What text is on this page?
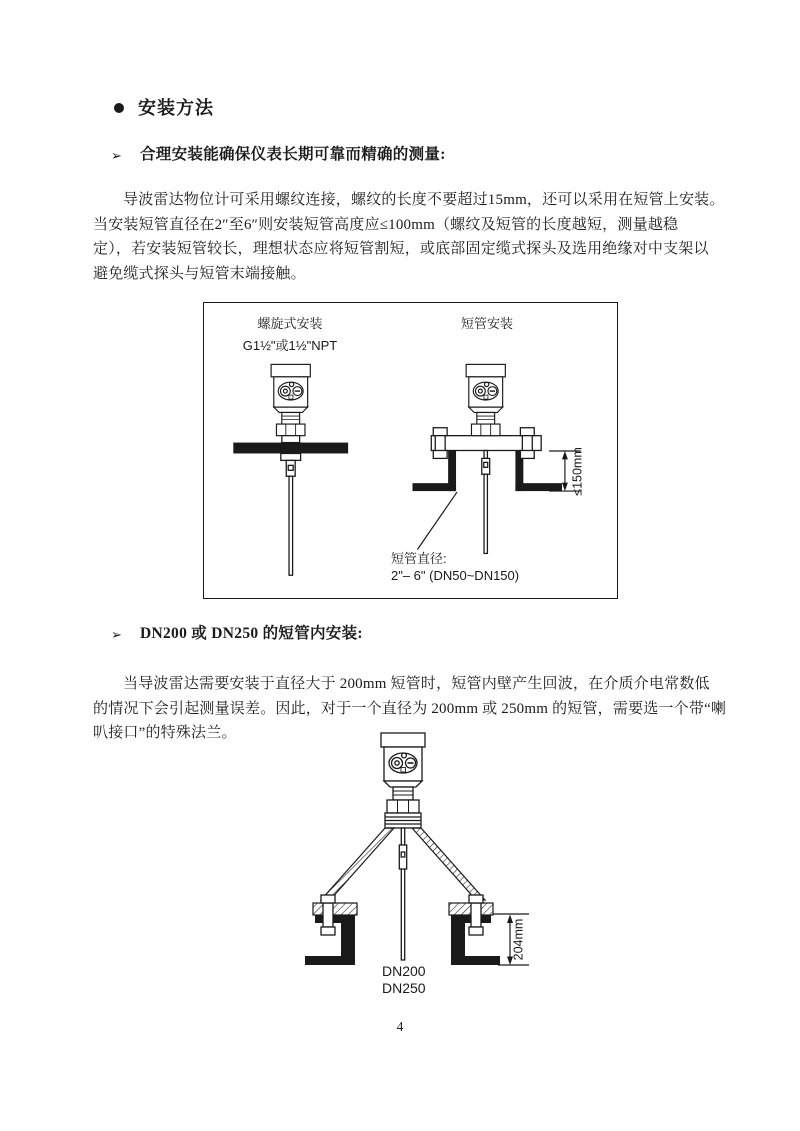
安装方法
➢	合理安装能确保仪表长期可靠而精确的测量:
导波雷达物位计可采用螺纹连接，螺纹的长度不要超过15mm，还可以采用在短管上安装。
当安装短管直径在2″至6″则安装短管高度应≤100mm（螺纹及短管的长度越短，测量越稳
定），若安装短管较长，理想状态应将短管割短，或底部固定缆式探头及选用绝缘对中支架以
避免缆式探头与短管末端接触。
螺旋式安装
G1½"或1½"NPT
短管安装
≤150mm
短管直径:
2"– 6" (DN50~DN150)
➢	DN200 或 DN250 的短管内安装:
当导波雷达需要安装于直径大于 200mm 短管时，短管内壁产生回波，在介质介电常数低
的情况下会引起测量误差。因此，对于一个直径为 200mm 或 250mm 的短管，需要选一个带“喇
叭接口”的特殊法兰。
204mm
DN200
DN250
4
